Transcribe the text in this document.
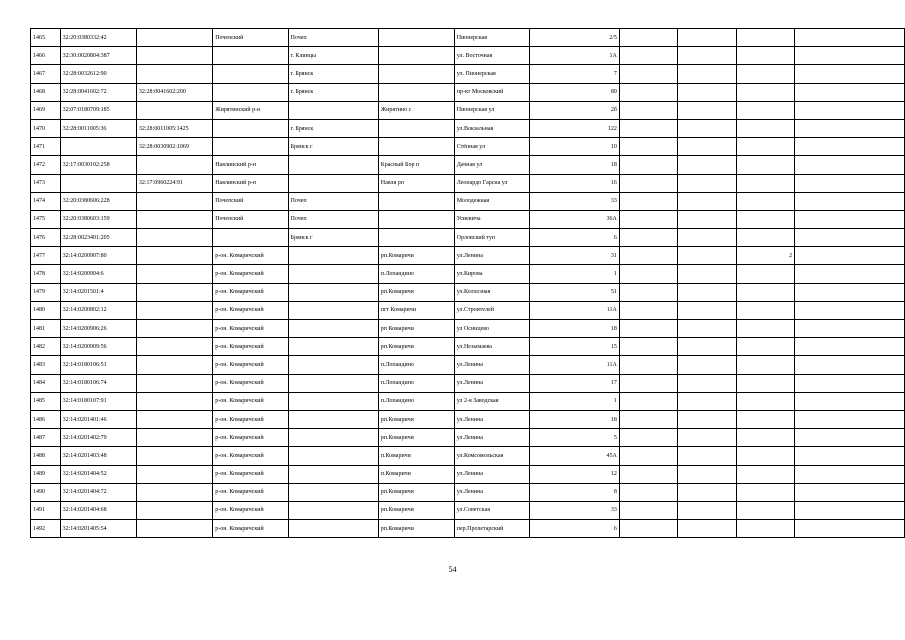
1465	32:20:0380332:42		Почепский	Почеп		Пионерская	2/5				
1466	32:30:0020804:387			г. Клинцы		ул. Восточная	1А				
1467	32:28:0032612:90			г. Брянск		ул. Пионерская	7				
1468	32:28:0041602:72	32:28:0041602:200		г. Брянск		пр-кт Московский	89				
1469	32:07:0180709:185		Жирятинский р-н		Жирятино с	Пионерская ул	2б				
1470	32:28:0011005:36	32:28:0011005:1425		г. Брянск		ул.Вокзальная	122				
1471		32:28:0030902:1069		Брянск г		Стёпная ул	10				
1472	32:17:0030102:258		Навлинский р-н		Красный Бор п	Дачная ул	18				
1473		32:17:0960224:91	Навлинский р-н		Навля рп	Леонардо Гарсиа ул	16				
1474	32:20:0380606:228		Почепский	Почеп		Молодежная	33				
1475	32:20:0380603:159		Почепский	Почеп		Усиевича	36А				
1476	32:28:0023401:205			Брянск г		Орловский туп	6				
1477	32:14:0200907:80		р-он. Комаричский		рп.Комаричи	ул.Ленина	31			2	
1478	32:14:0200904:6		р-он. Комаричский		п.Лопандино	ул.Кирова	1				
1479	32:14:0201501:4		р-он. Комаричский		рп.Комаричи	ул.Колхозная	51				
1480	32:14:0200802:12		р-он. Комаричский		пгт Комаричи	ул.Строителей	11А				
1481	32:14:0200906:26		р-он. Комаричский		рп Комаричи	ул Осинцево	18				
1482	32:14:0200909:56		р-он. Комаричский		рп.Комаричи	ул.Незымаева	15				
1483	32:14:0180106:51		р-он. Комаричский		п.Лопандино	ул.Ленина	11А				
1484	32:14:0180106:74		р-он. Комаричский		п.Лопандино	ул.Ленина	17				
1485	32:14:0180107:91		р-он. Комаричский		п.Лопандино	ул 2-я Заводская	1				
1486	32:14:0201401:46		р-он. Комаричский		рп.Комаричи	ул.Ленина	18				
1487	32:14:0201402:79		р-он. Комаричский		рп.Комаричи	ул.Ленина	5				
1488	32:14:0201403:48		р-он. Комаричский		п.Комаричи	ул.Комсомольская	45А				
1489	32:14:0201404:52		р-он. Комаричский		п.Комаричи	ул.Ленина	12				
1490	32:14:0201404:72		р-он. Комаричский		рп.Комаричи	ул.Ленина	8				
1491	32:14:0201404:68		р-он. Комаричский		рп.Комаричи	ул.Советская	33				
1492	32:14:0201405:54		р-он. Комаричский		рп.Комаричи	пер.Пролетарский	6				
54
